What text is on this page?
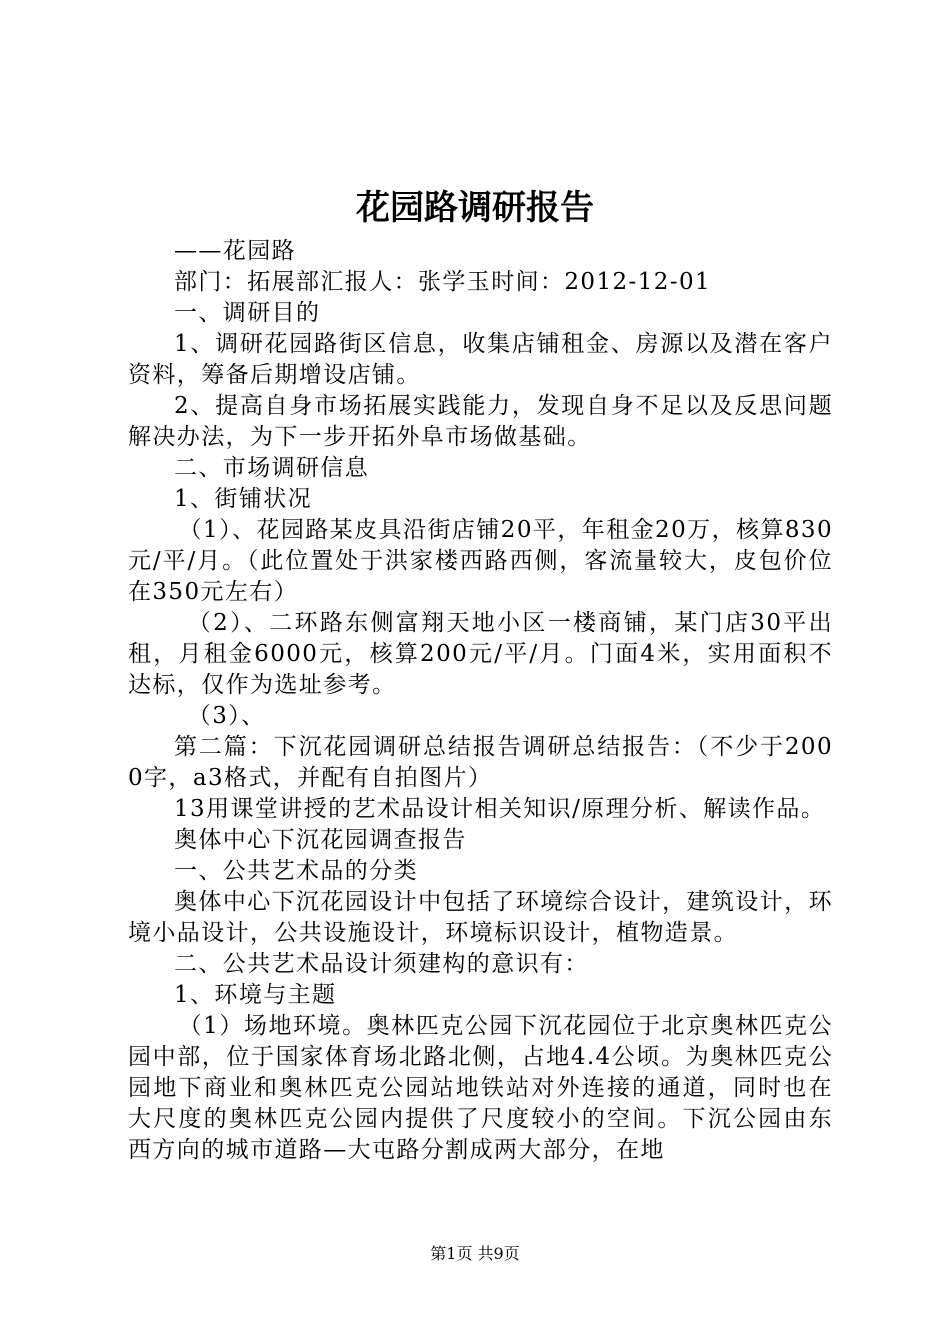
花园路调研报告

——花园路

部门：拓展部汇报人：张学玉时间：2012-12-01

一、调研目的

1、调研花园路街区信息，收集店铺租金、房源以及潜在客户资料，筹备后期增设店铺。

2、提高自身市场拓展实践能力，发现自身不足以及反思问题解决办法，为下一步开拓外阜市场做基础。

二、市场调研信息

1、街铺状况

（1）、花园路某皮具沿街店铺20平，年租金20万，核算830元/平/月。（此位置处于洪家楼西路西侧，客流量较大，皮包价位在350元左右）

（2）、二环路东侧富翔天地小区一楼商铺，某门店30平出租，月租金6000元，核算200元/平/月。门面4米，实用面积不达标，仅作为选址参考。

（3）、

第二篇：下沉花园调研总结报告调研总结报告：（不少于2000字，a3格式，并配有自拍图片）

13用课堂讲授的艺术品设计相关知识/原理分析、解读作品。

奥体中心下沉花园调查报告

一、公共艺术品的分类

奥体中心下沉花园设计中包括了环境综合设计，建筑设计，环境小品设计，公共设施设计，环境标识设计，植物造景。

二、公共艺术品设计须建构的意识有：

1、环境与主题

（1）场地环境。奥林匹克公园下沉花园位于北京奥林匹克公园中部，位于国家体育场北路北侧，占地4.4公顷。为奥林匹克公园地下商业和奥林匹克公园站地铁站对外连接的通道，同时也在大尺度的奥林匹克公园内提供了尺度较小的空间。下沉公园由东西方向的城市道路—大屯路分割成两大部分，在地

第1页 共9页
